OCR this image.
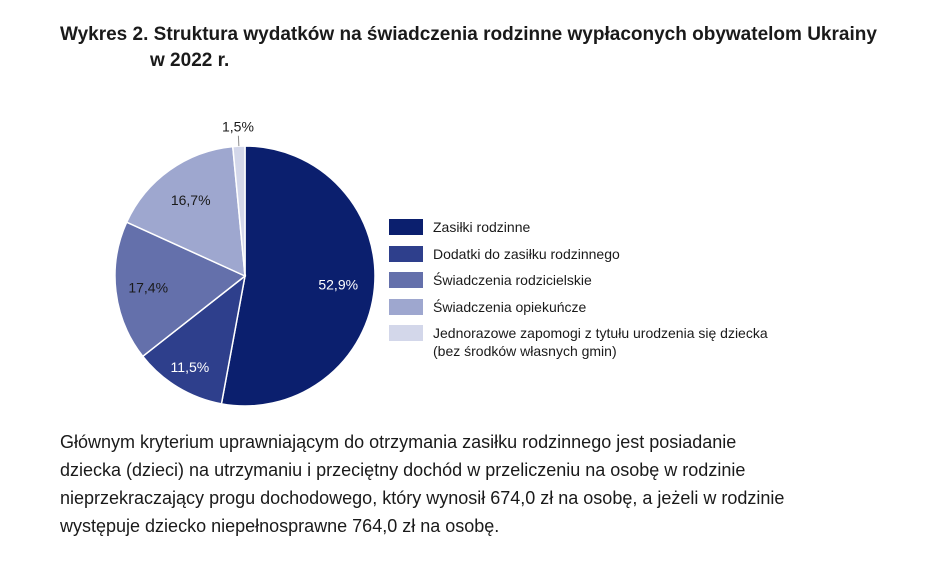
Wykres 2. Struktura wydatków na świadczenia rodzinne wypłaconych obywatelom Ukrainy
w 2022 r.
52,9%
11,5%
17,4%
16,7%
1,5%
Zasiłki rodzinne
Dodatki do zasiłku rodzinnego
Świadczenia rodzicielskie
Świadczenia opiekuńcze
Jednorazowe zapomogi z tytułu urodzenia się dziecka
(bez środków własnych gmin)
Głównym kryterium uprawniającym do otrzymania zasiłku rodzinnego jest posiadanie
dziecka (dzieci) na utrzymaniu i przeciętny dochód w przeliczeniu na osobę w rodzinie
nieprzekraczający progu dochodowego, który wynosił 674,0 zł na osobę, a jeżeli w rodzinie
występuje dziecko niepełnosprawne 764,0 zł na osobę.
